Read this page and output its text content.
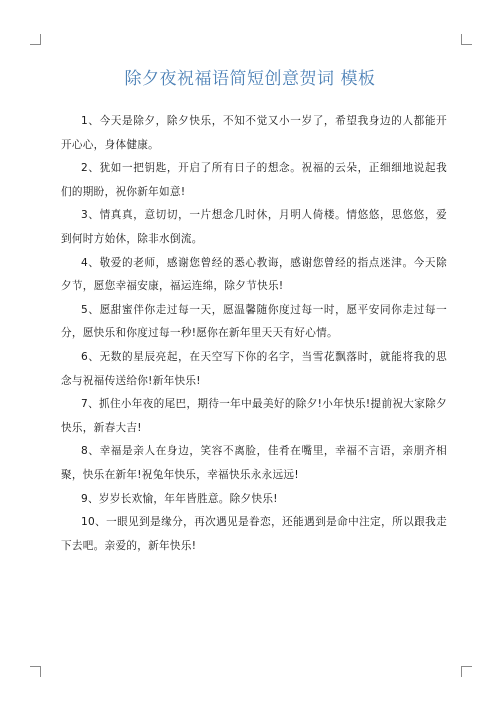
除夕夜祝福语简短创意贺词 模板

1、今天是除夕，除夕快乐，不知不觉又小一岁了，希望我身边的人都能开开心心，身体健康。

2、犹如一把钥匙，开启了所有日子的想念。祝福的云朵，正细细地说起我们的期盼，祝你新年如意!

3、情真真，意切切，一片想念几时休，月明人倚楼。情悠悠，思悠悠，爱到何时方始休，除非水倒流。

4、敬爱的老师，感谢您曾经的悉心教诲，感谢您曾经的指点迷津。今天除夕节，愿您幸福安康，福运连绵，除夕节快乐!

5、愿甜蜜伴你走过每一天，愿温馨随你度过每一时，愿平安同你走过每一分，愿快乐和你度过每一秒!愿你在新年里天天有好心情。

6、无数的星辰亮起，在天空写下你的名字，当雪花飘落时，就能将我的思念与祝福传送给你!新年快乐!

7、抓住小年夜的尾巴，期待一年中最美好的除夕!小年快乐!提前祝大家除夕快乐，新春大吉!

8、幸福是亲人在身边，笑容不离脸，佳肴在嘴里，幸福不言语，亲朋齐相聚，快乐在新年!祝兔年快乐，幸福快乐永永远远!

9、岁岁长欢愉，年年皆胜意。除夕快乐!

10、一眼见到是缘分，再次遇见是眷恋，还能遇到是命中注定，所以跟我走下去吧。亲爱的，新年快乐!
